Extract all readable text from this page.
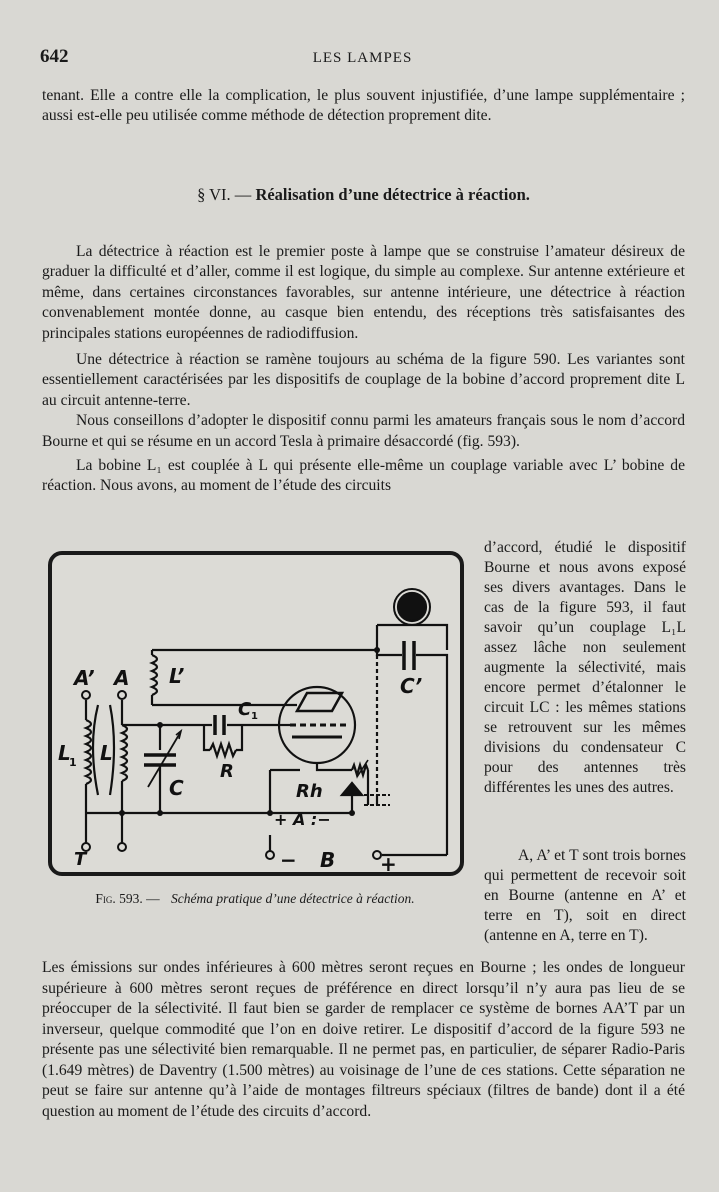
642	LES LAMPES

tenant. Elle a contre elle la complication, le plus souvent injustifiée, d’une lampe supplémentaire ; aussi est-elle peu utilisée comme méthode de détection proprement dite.

§ VI. — Réalisation d’une détectrice à réaction.

La détectrice à réaction est le premier poste à lampe que se construise l’amateur désireux de graduer la difficulté et d’aller, comme il est logique, du simple au complexe. Sur antenne extérieure et même, dans certaines circonstances favorables, sur antenne intérieure, une détectrice à réaction convenablement montée donne, au casque bien entendu, des réceptions très satisfaisantes des principales stations européennes de radiodiffusion.

Une détectrice à réaction se ramène toujours au schéma de la figure 590. Les variantes sont essentiellement caractérisées par les dispositifs de couplage de la bobine d’accord proprement dite L au circuit antenne-terre.

Nous conseillons d’adopter le dispositif connu parmi les amateurs français sous le nom d’accord Bourne et qui se résume en un accord Tesla à primaire désaccordé (fig. 593).

La bobine L₁ est couplée à L qui présente elle-même un couplage variable avec L’ bobine de réaction. Nous avons, au moment de l’étude des circuits

d’accord, étudié le dispositif Bourne et nous avons exposé ses divers avantages. Dans le cas de la figure 593, il faut savoir qu’un couplage L₁L assez lâche non seulement augmente la sélectivité, mais encore permet d’étalonner le circuit LC : les mêmes stations se retrouvent sur les mêmes divisions du condensateur C pour des antennes très différentes les unes des autres.

A, A’ et T sont trois bornes qui permettent de recevoir soit en Bourne (antenne en A’ et terre en T), soit en direct (antenne en A, terre en T).

A’ A
L
1 L
C
L’
C 1
R
C’
Rh
+ A :−
T	− B +
Fig. 593. — Schéma pratique d’une détectrice à réaction.

Les émissions sur ondes inférieures à 600 mètres seront reçues en Bourne ; les ondes de longueur supérieure à 600 mètres seront reçues de préférence en direct lorsqu’il n’y aura pas lieu de se préoccuper de la sélectivité. Il faut bien se garder de remplacer ce système de bornes AA’T par un inverseur, quelque commodité que l’on en doive retirer. Le dispositif d’accord de la figure 593 ne présente pas une sélectivité bien remarquable. Il ne permet pas, en particulier, de séparer Radio-Paris (1.649 mètres) de Daventry (1.500 mètres) au voisinage de l’une de ces stations. Cette séparation ne peut se faire sur antenne qu’à l’aide de montages filtreurs spéciaux (filtres de bande) dont il a été question au moment de l’étude des circuits d’accord.
